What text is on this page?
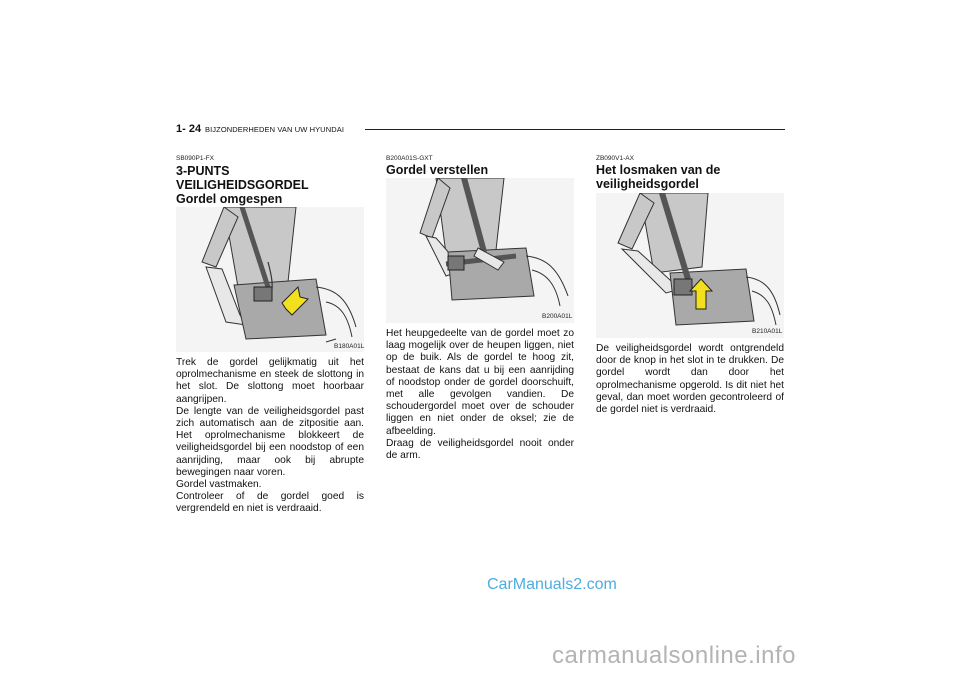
1- 24 BIJZONDERHEDEN VAN UW HYUNDAI
SB090P1-FX
3-PUNTS
VEILIGHEIDSGORDEL
Gordel omgespen
B180A01L

Trek de gordel gelijkmatig uit het oprolmechanisme en steek de slottong in het slot. De slottong moet hoorbaar aangrijpen.
De lengte van de veiligheidsgordel past zich automatisch aan de zitpositie aan. Het oprolmechanisme blokkeert de veiligheidsgordel bij een noodstop of een aanrijding, maar ook bij abrupte bewegingen naar voren.
Gordel vastmaken.
Controleer of de gordel goed is vergrendeld en niet is verdraaid.

B200A01S-GXT
Gordel verstellen
B200A01L

Het heupgedeelte van de gordel moet zo laag mogelijk over de heupen liggen, niet op de buik. Als de gordel te hoog zit, bestaat de kans dat u bij een aanrijding of noodstop onder de gordel doorschuift, met alle gevolgen vandien. De schoudergordel moet over de schouder liggen en niet onder de oksel; zie de afbeelding.
Draag de veiligheidsgordel nooit onder de arm.

ZB090V1-AX
Het losmaken van de
veiligheidsgordel
B210A01L

De veiligheidsgordel wordt ontgrendeld door de knop in het slot in te drukken. De gordel wordt dan door het oprolmechanisme opgerold. Is dit niet het geval, dan moet worden gecontroleerd of de gordel niet is verdraaid.

CarManuals2.com
carmanualsonline.info
